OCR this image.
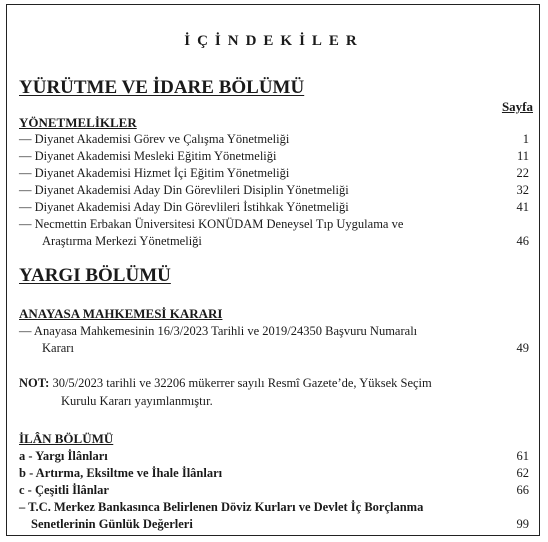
İÇİNDEKİLER
YÜRÜTME VE İDARE BÖLÜMÜ
Sayfa
YÖNETMELİKLER
— Diyanet Akademisi Görev ve Çalışma Yönetmeliği	1
— Diyanet Akademisi Mesleki Eğitim Yönetmeliği	11
— Diyanet Akademisi Hizmet İçi Eğitim Yönetmeliği	22
— Diyanet Akademisi Aday Din Görevlileri Disiplin Yönetmeliği	32
— Diyanet Akademisi Aday Din Görevlileri İstihkak Yönetmeliği	41
— Necmettin Erbakan Üniversitesi KONÜDAM Deneysel Tıp Uygulama ve
Araştırma Merkezi Yönetmeliği	46
YARGI BÖLÜMÜ
ANAYASA MAHKEMESİ KARARI
— Anayasa Mahkemesinin 16/3/2023 Tarihli ve 2019/24350 Başvuru Numaralı
Kararı	49
NOT: 30/5/2023 tarihli ve 32206 mükerrer sayılı Resmî Gazete’de, Yüksek Seçim
Kurulu Kararı yayımlanmıştır.
İLÂN BÖLÜMÜ
a - Yargı İlânları	61
b - Artırma, Eksiltme ve İhale İlânları	62
c - Çeşitli İlânlar	66
– T.C. Merkez Bankasınca Belirlenen Döviz Kurları ve Devlet İç Borçlanma
Senetlerinin Günlük Değerleri	99
